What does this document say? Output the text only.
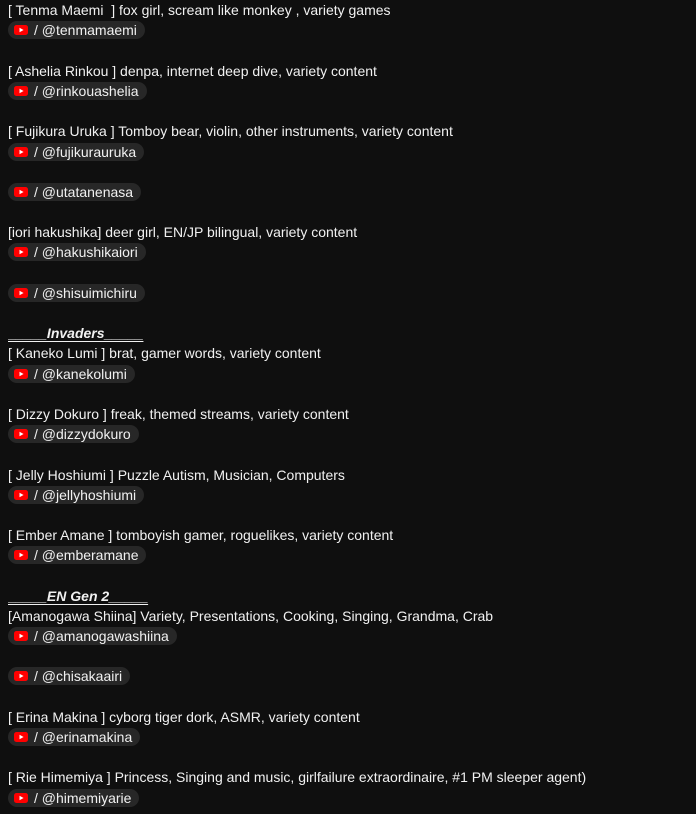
[ Tenma Maemi  ] fox girl, scream like monkey , variety games
/ @tenmamaemi
[ Ashelia Rinkou ] denpa, internet deep dive, variety content
/ @rinkouashelia
[ Fujikura Uruka ] Tomboy bear, violin, other instruments, variety content
/ @fujikurauruka
/ @utatanenasa
[iori hakushika] deer girl, EN/JP bilingual, variety content
/ @hakushikaiori
/ @shisuimichiru
_____Invaders_____
[ Kaneko Lumi ] brat, gamer words, variety content
/ @kanekolumi
[ Dizzy Dokuro ] freak, themed streams, variety content
/ @dizzydokuro
[ Jelly Hoshiumi ] Puzzle Autism, Musician, Computers
/ @jellyhoshiumi
[ Ember Amane ] tomboyish gamer, roguelikes, variety content
/ @emberamane
_____EN Gen 2_____
[Amanogawa Shiina] Variety, Presentations, Cooking, Singing, Grandma, Crab
/ @amanogawashiina
/ @chisakaairi
[ Erina Makina ] cyborg tiger dork, ASMR, variety content
/ @erinamakina
[ Rie Himemiya ] Princess, Singing and music, girlfailure extraordinaire, #1 PM sleeper agent)
/ @himemiyarie
